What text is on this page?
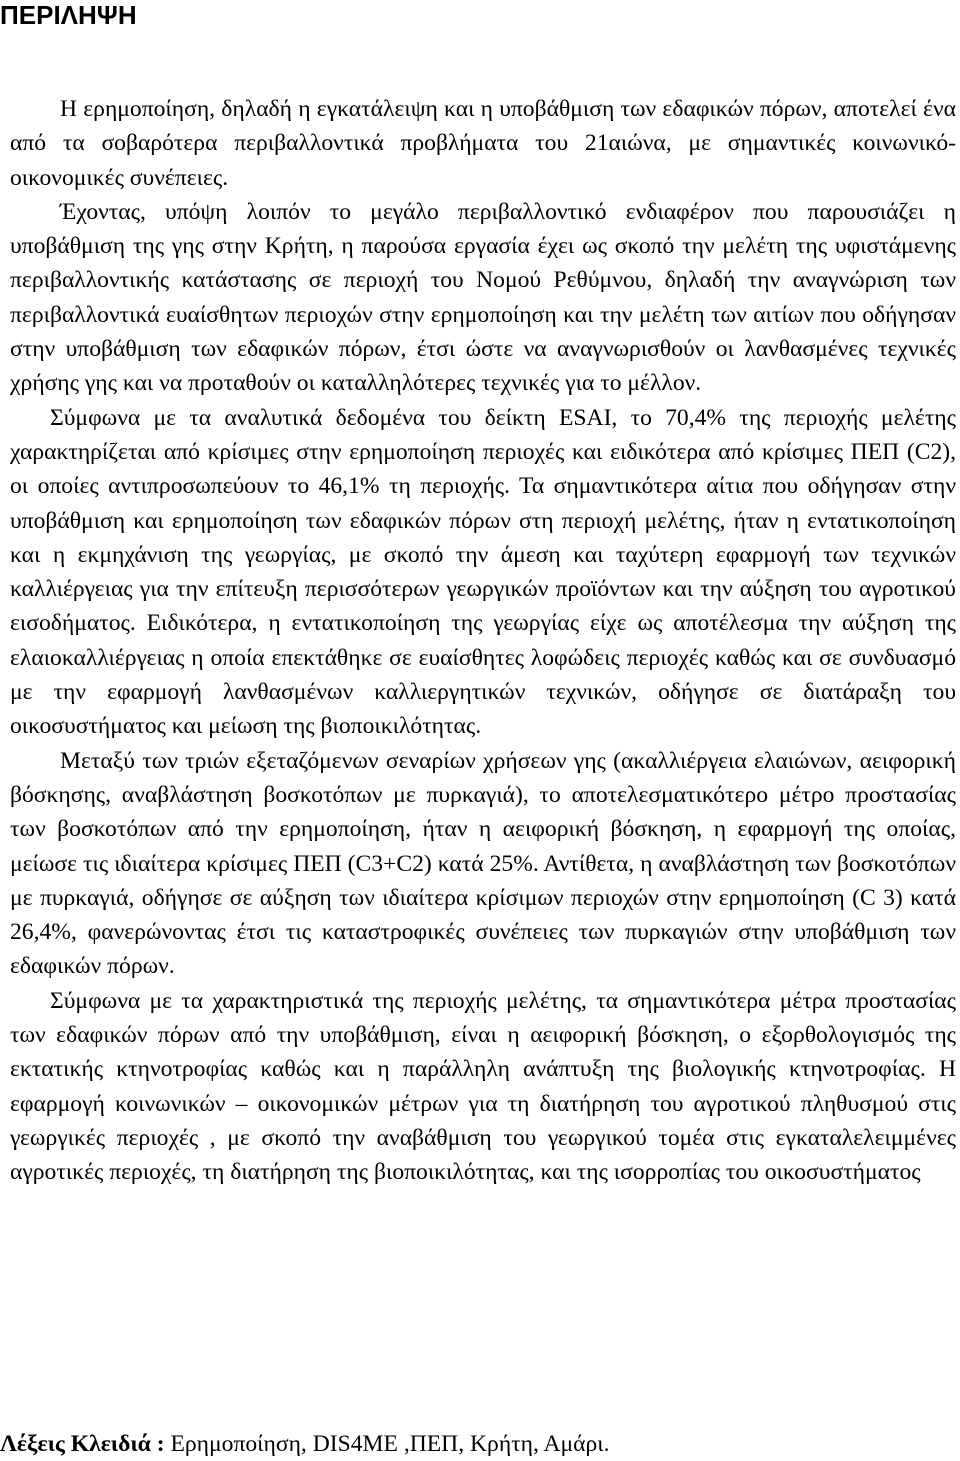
ΠΕΡΙΛΗΨΗ

Η ερημοποίηση, δηλαδή η εγκατάλειψη και η υποβάθμιση των εδαφικών πόρων, αποτελεί ένα από τα σοβαρότερα περιβαλλοντικά προβλήματα του 21αιώνα, με σημαντικές κοινωνικό-οικονομικές συνέπειες.

Έχοντας, υπόψη λοιπόν το μεγάλο περιβαλλοντικό ενδιαφέρον που παρουσιάζει η υποβάθμιση της γης στην Κρήτη, η παρούσα εργασία έχει ως σκοπό την μελέτη της υφιστάμενης περιβαλλοντικής κατάστασης σε περιοχή του Νομού Ρεθύμνου, δηλαδή την αναγνώριση των περιβαλλοντικά ευαίσθητων περιοχών στην ερημοποίηση και την μελέτη των αιτίων που οδήγησαν στην υποβάθμιση των εδαφικών πόρων, έτσι ώστε να αναγνωρισθούν οι λανθασμένες τεχνικές χρήσης γης και να προταθούν οι καταλληλότερες τεχνικές για το μέλλον.

Σύμφωνα με τα αναλυτικά δεδομένα του δείκτη ESAI, το 70,4% της περιοχής μελέτης χαρακτηρίζεται από κρίσιμες στην ερημοποίηση περιοχές και ειδικότερα από κρίσιμες ΠΕΠ (C2), οι οποίες αντιπροσωπεύουν το 46,1% τη περιοχής. Τα σημαντικότερα αίτια που οδήγησαν στην υποβάθμιση και ερημοποίηση των εδαφικών πόρων στη περιοχή μελέτης, ήταν η εντατικοποίηση και η εκμηχάνιση της γεωργίας, με σκοπό την άμεση και ταχύτερη εφαρμογή των τεχνικών καλλιέργειας για την επίτευξη περισσότερων γεωργικών προϊόντων και την αύξηση του αγροτικού εισοδήματος. Ειδικότερα, η εντατικοποίηση της γεωργίας είχε ως αποτέλεσμα την αύξηση της ελαιοκαλλιέργειας η οποία επεκτάθηκε σε ευαίσθητες λοφώδεις περιοχές καθώς και σε συνδυασμό με την εφαρμογή λανθασμένων καλλιεργητικών τεχνικών, οδήγησε σε διατάραξη του οικοσυστήματος και μείωση της βιοποικιλότητας.

Μεταξύ των τριών εξεταζόμενων σεναρίων χρήσεων γης (ακαλλιέργεια ελαιώνων, αειφορική βόσκησης, αναβλάστηση βοσκοτόπων με πυρκαγιά), το αποτελεσματικότερο μέτρο προστασίας των βοσκοτόπων από την ερημοποίηση, ήταν η αειφορική βόσκηση, η εφαρμογή της οποίας, μείωσε τις ιδιαίτερα κρίσιμες ΠΕΠ (C3+C2) κατά 25%. Αντίθετα, η αναβλάστηση των βοσκοτόπων με πυρκαγιά, οδήγησε σε αύξηση των ιδιαίτερα κρίσιμων περιοχών στην ερημοποίηση (C 3) κατά 26,4%, φανερώνοντας έτσι τις καταστροφικές συνέπειες των πυρκαγιών στην υποβάθμιση των εδαφικών πόρων.

Σύμφωνα με τα χαρακτηριστικά της περιοχής μελέτης, τα σημαντικότερα μέτρα προστασίας των εδαφικών πόρων από την υποβάθμιση, είναι η αειφορική βόσκηση, ο εξορθολογισμός της εκτατικής κτηνοτροφίας καθώς και η παράλληλη ανάπτυξη της βιολογικής κτηνοτροφίας. Η εφαρμογή κοινωνικών – οικονομικών μέτρων για τη διατήρηση του αγροτικού πληθυσμού στις γεωργικές περιοχές , με σκοπό την αναβάθμιση του γεωργικού τομέα στις εγκαταλελειμμένες αγροτικές περιοχές, τη διατήρηση της βιοποικιλότητας, και της ισορροπίας του οικοσυστήματος

Λέξεις Κλειδιά : Ερημοποίηση, DIS4ME ,ΠΕΠ, Κρήτη, Αμάρι.
